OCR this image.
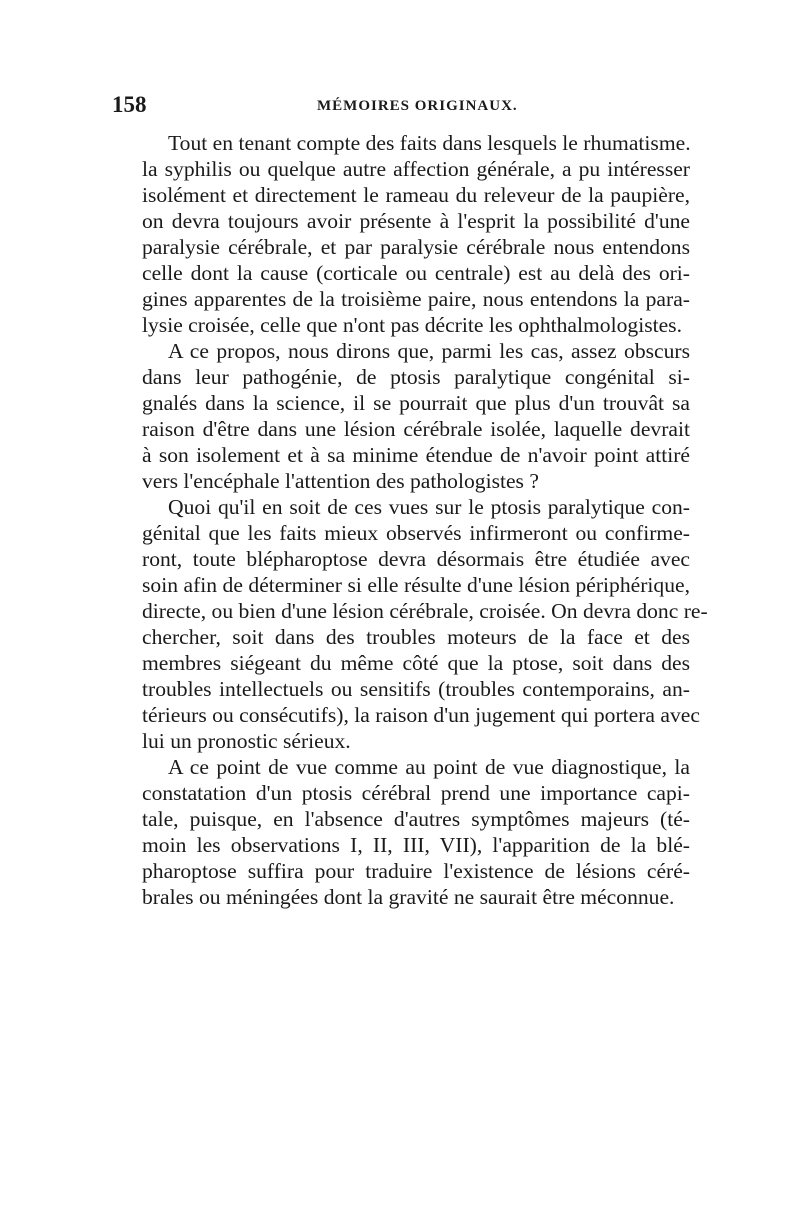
158	MÉMOIRES ORIGINAUX.
Tout en tenant compte des faits dans lesquels le rhumatisme.
la syphilis ou quelque autre affection générale, a pu intéresser
isolément et directement le rameau du releveur de la paupière,
on devra toujours avoir présente à l'esprit la possibilité d'une
paralysie cérébrale, et par paralysie cérébrale nous entendons
celle dont la cause (corticale ou centrale) est au delà des ori-
gines apparentes de la troisième paire, nous entendons la para-
lysie croisée, celle que n'ont pas décrite les ophthalmologistes.
A ce propos, nous dirons que, parmi les cas, assez obscurs
dans leur pathogénie, de ptosis paralytique congénital si-
gnalés dans la science, il se pourrait que plus d'un trouvât sa
raison d'être dans une lésion cérébrale isolée, laquelle devrait
à son isolement et à sa minime étendue de n'avoir point attiré
vers l'encéphale l'attention des pathologistes ?
Quoi qu'il en soit de ces vues sur le ptosis paralytique con-
génital que les faits mieux observés infirmeront ou confirme-
ront, toute blépharoptose devra désormais être étudiée avec
soin afin de déterminer si elle résulte d'une lésion périphérique,
directe, ou bien d'une lésion cérébrale, croisée. On devra donc re-
chercher, soit dans des troubles moteurs de la face et des
membres siégeant du même côté que la ptose, soit dans des
troubles intellectuels ou sensitifs (troubles contemporains, an-
térieurs ou consécutifs), la raison d'un jugement qui portera avec
lui un pronostic sérieux.
A ce point de vue comme au point de vue diagnostique, la
constatation d'un ptosis cérébral prend une importance capi-
tale, puisque, en l'absence d'autres symptômes majeurs (té-
moin les observations I, II, III, VII), l'apparition de la blé-
pharoptose suffira pour traduire l'existence de lésions céré-
brales ou méningées dont la gravité ne saurait être méconnue.
